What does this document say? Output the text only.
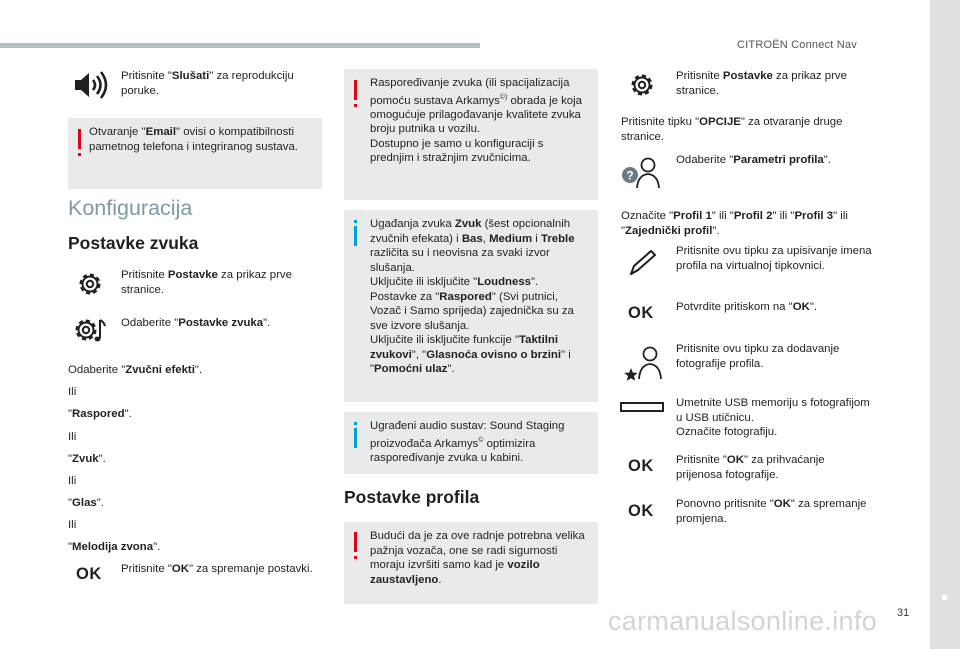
CITROËN Connect Nav
31
carmanualsonline.info
Pritisnite "Slušati" za reprodukciju poruke.
Otvaranje "Email" ovisi o kompatibilnosti pametnog telefona i integriranog sustava.
Konfiguracija
Postavke zvuka
Pritisnite Postavke za prikaz prve stranice.
Odaberite "Postavke zvuka".
Odaberite "Zvučni efekti".
Ili
"Raspored".
Ili
"Zvuk".
Ili
"Glas".
Ili
"Melodija zvona".
OK Pritisnite "OK" za spremanje postavki.
Raspoređivanje zvuka (ili spacijalizacija pomoću sustava Arkamys©) obrada je koja omogućuje prilagođavanje kvalitete zvuka broju putnika u vozilu.
Dostupno je samo u konfiguraciji s prednjim i stražnjim zvučnicima.
Ugađanja zvuka Zvuk (šest opcionalnih zvučnih efekata) i Bas, Medium i Treble različita su i neovisna za svaki izvor slušanja.
Uključite ili isključite "Loudness".
Postavke za "Raspored" (Svi putnici, Vozač i Samo sprijeda) zajednička su za sve izvore slušanja.
Uključite ili isključite funkcije "Taktilni zvukovi", "Glasnoća ovisno o brzini" i "Pomoćni ulaz".
Ugrađeni audio sustav: Sound Staging proizvođača Arkamys© optimizira raspoređivanje zvuka u kabini.
Postavke profila
Budući da je za ove radnje potrebna velika pažnja vozača, one se radi sigurnosti moraju izvršiti samo kad je vozilo zaustavljeno.
Pritisnite Postavke za prikaz prve stranice.
Pritisnite tipku "OPCIJE" za otvaranje druge stranice.
?
Odaberite "Parametri profila".
Označite "Profil 1" ili "Profil 2" ili "Profil 3" ili "Zajednički profil".
Pritisnite ovu tipku za upisivanje imena profila na virtualnoj tipkovnici.
OK Potvrdite pritiskom na "OK".
Pritisnite ovu tipku za dodavanje fotografije profila.
Umetnite USB memoriju s fotografijom u USB utičnicu.
Označite fotografiju.
OK Pritisnite "OK" za prihvaćanje prijenosa fotografije.
OK Ponovno pritisnite "OK" za spremanje promjena.
